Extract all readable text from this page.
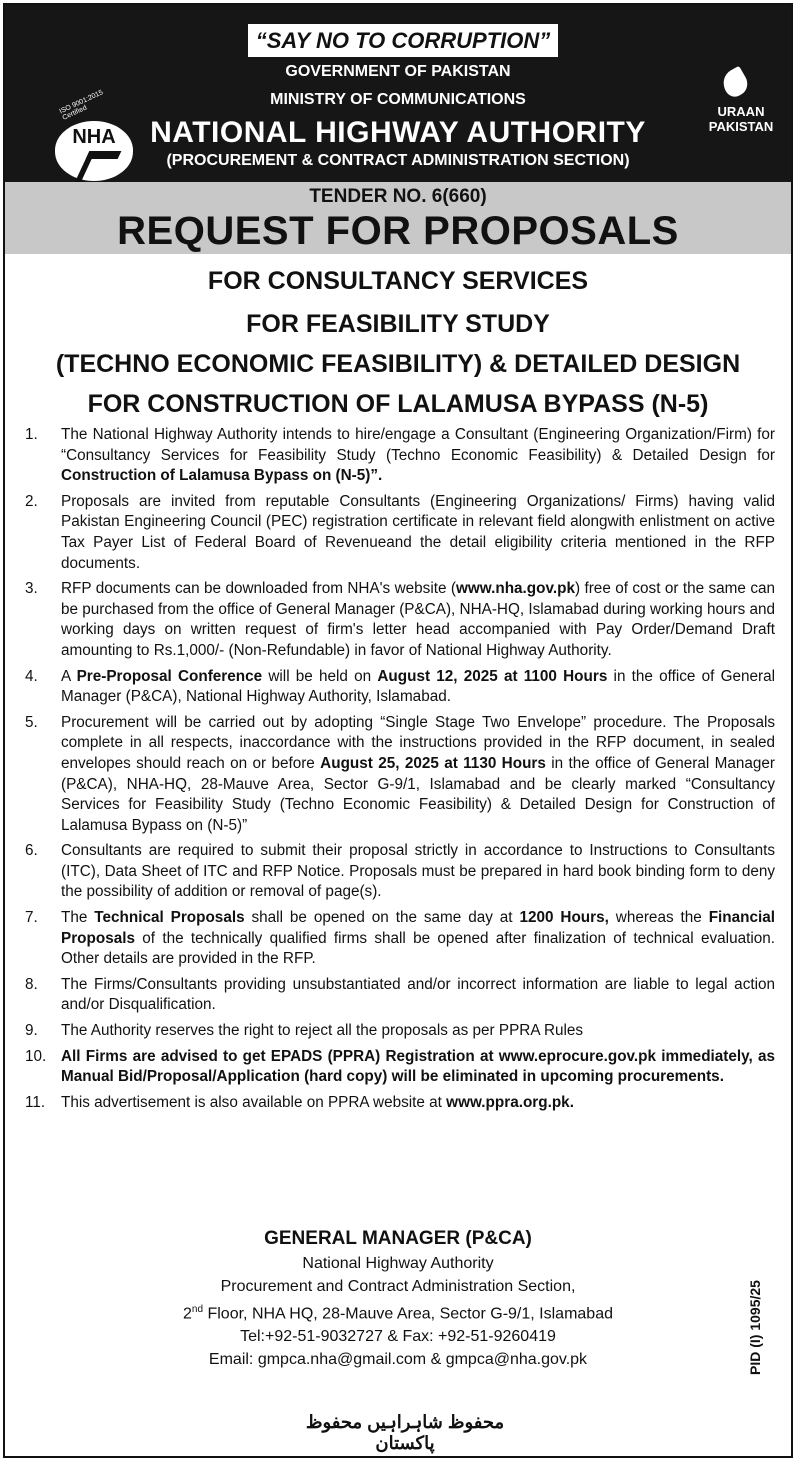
“SAY NO TO CORRUPTION”
GOVERNMENT OF PAKISTAN
MINISTRY OF COMMUNICATIONS
NATIONAL HIGHWAY AUTHORITY
(PROCUREMENT & CONTRACT ADMINISTRATION SECTION)
ISO 9001:2015 Certified
NHA
URAAN
PAKISTAN
TENDER NO. 6(660)
REQUEST FOR PROPOSALS
FOR CONSULTANCY SERVICES
FOR FEASIBILITY STUDY
(TECHNO ECONOMIC FEASIBILITY) & DETAILED DESIGN
FOR CONSTRUCTION OF LALAMUSA BYPASS (N-5)
1.	The National Highway Authority intends to hire/engage a Consultant (Engineering Organization/Firm) for “Consultancy Services for Feasibility Study (Techno Economic Feasibility) & Detailed Design for Construction of Lalamusa Bypass on (N-5)”.
2.	Proposals are invited from reputable Consultants (Engineering Organizations/ Firms) having valid Pakistan Engineering Council (PEC) registration certificate in relevant field alongwith enlistment on active Tax Payer List of Federal Board of Revenueand the detail eligibility criteria mentioned in the RFP documents.
3.	RFP documents can be downloaded from NHA's website (www.nha.gov.pk) free of cost or the same can be purchased from the office of General Manager (P&CA), NHA-HQ, Islamabad during working hours and working days on written request of firm's letter head accompanied with Pay Order/Demand Draft amounting to Rs.1,000/- (Non-Refundable) in favor of National Highway Authority.
4.	A Pre-Proposal Conference will be held on August 12, 2025 at 1100 Hours in the office of General Manager (P&CA), National Highway Authority, Islamabad.
5.	Procurement will be carried out by adopting “Single Stage Two Envelope” procedure. The Proposals complete in all respects, inaccordance with the instructions provided in the RFP document, in sealed envelopes should reach on or before August 25, 2025 at 1130 Hours in the office of General Manager (P&CA), NHA-HQ, 28-Mauve Area, Sector G-9/1, Islamabad and be clearly marked “Consultancy Services for Feasibility Study (Techno Economic Feasibility) & Detailed Design for Construction of Lalamusa Bypass on (N-5)”
6.	Consultants are required to submit their proposal strictly in accordance to Instructions to Consultants (ITC), Data Sheet of ITC and RFP Notice. Proposals must be prepared in hard book binding form to deny the possibility of addition or removal of page(s).
7.	The Technical Proposals shall be opened on the same day at 1200 Hours, whereas the Financial Proposals of the technically qualified firms shall be opened after finalization of technical evaluation. Other details are provided in the RFP.
8.	The Firms/Consultants providing unsubstantiated and/or incorrect information are liable to legal action and/or Disqualification.
9.	The Authority reserves the right to reject all the proposals as per PPRA Rules
10. All Firms are advised to get EPADS (PPRA) Registration at www.eprocure.gov.pk immediately, as Manual Bid/Proposal/Application (hard copy) will be eliminated in upcoming procurements.
11.	This advertisement is also available on PPRA website at www.ppra.org.pk.
GENERAL MANAGER (P&CA)
National Highway Authority
Procurement and Contract Administration Section,
2nd Floor, NHA HQ, 28-Mauve Area, Sector G-9/1, Islamabad
Tel:+92-51-9032727 & Fax: +92-51-9260419
Email: gmpca.nha@gmail.com & gmpca@nha.gov.pk
محفوظ شاہراہیں محفوظ پاکستان
PID (I) 1095/25
